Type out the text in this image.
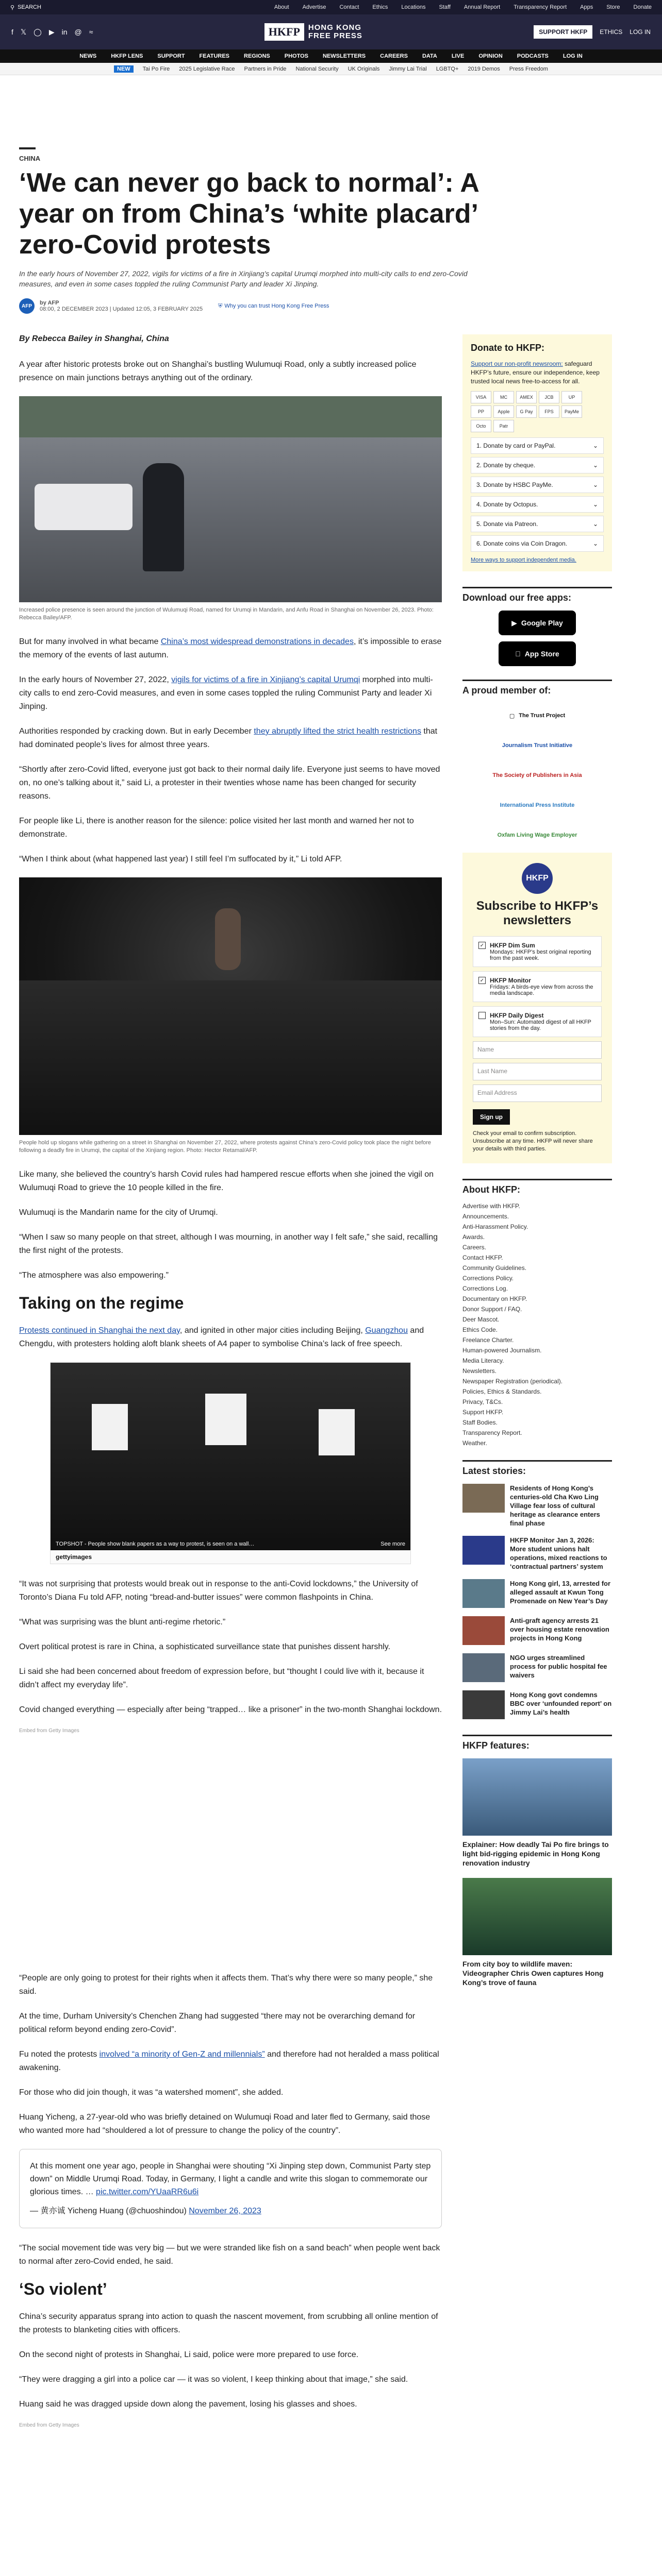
⚲ SEARCH	About Advertise Contact Ethics Locations Staff Annual Report Transparency Report Apps Store Donate
f 𝕏 ◯ ▶ in @ ≈	HKFP	HONG KONG
FREE PRESS	SUPPORT HKFP	ETHICS LOG IN
NEWS	HKFP LENS	SUPPORT	FEATURES	REGIONS	PHOTOS	NEWSLETTERS	CAREERS	DATA	LIVE	OPINION	PODCASTS	LOG IN
NEW	Tai Po Fire 2025 Legislative Race Partners in Pride National Security UK Originals Jimmy Lai Trial LGBTQ+ 2019 Demos Press Freedom
CHINA
‘We can never go back to normal’: A year on from China’s ‘white placard’ zero-Covid protests
In the early hours of November 27, 2022, vigils for victims of a fire in Xinjiang’s capital Urumqi morphed into multi-city calls to end zero-Covid measures, and even in some cases toppled the ruling Communist Party and leader Xi Jinping.
AFP	by AFP
08:00, 2 DECEMBER 2023 | Updated 12:05, 3 FEBRUARY 2025
⛨ Why you can trust Hong Kong Free Press
By Rebecca Bailey in Shanghai, China

A year after historic protests broke out on Shanghai’s bustling Wulumuqi Road, only a subtly increased police presence on main junctions betrays anything out of the ordinary.

Increased police presence is seen around the junction of Wulumuqi Road, named for Urumqi in Mandarin, and Anfu Road in Shanghai on November 26, 2023. Photo: Rebecca Bailey/AFP.

But for many involved in what became China’s most widespread demonstrations in decades, it’s impossible to erase the memory of the events of last autumn.

In the early hours of November 27, 2022, vigils for victims of a fire in Xinjiang’s capital Urumqi morphed into multi-city calls to end zero-Covid measures, and even in some cases toppled the ruling Communist Party and leader Xi Jinping.

Authorities responded by cracking down. But in early December they abruptly lifted the strict health restrictions that had dominated people’s lives for almost three years.

“Shortly after zero-Covid lifted, everyone just got back to their normal daily life. Everyone just seems to have moved on, no one’s talking about it,” said Li, a protester in their twenties whose name has been changed for security reasons.

For people like Li, there is another reason for the silence: police visited her last month and warned her not to demonstrate.

“When I think about (what happened last year) I still feel I’m suffocated by it,” Li told AFP.

People hold up slogans while gathering on a street in Shanghai on November 27, 2022, where protests against China’s zero-Covid policy took place the night before following a deadly fire in Urumqi, the capital of the Xinjiang region. Photo: Hector Retamal/AFP.

Like many, she believed the country’s harsh Covid rules had hampered rescue efforts when she joined the vigil on Wulumuqi Road to grieve the 10 people killed in the fire.

Wulumuqi is the Mandarin name for the city of Urumqi.

“When I saw so many people on that street, although I was mourning, in another way I felt safe,” she said, recalling the first night of the protests.

“The atmosphere was also empowering.”

Taking on the regime

Protests continued in Shanghai the next day, and ignited in other major cities including Beijing, Guangzhou and Chengdu, with protesters holding aloft blank sheets of A4 paper to symbolise China’s lack of free speech.

TOPSHOT - People show blank papers as a way to protest, is seen on a wall…	See more
gettyimages

“It was not surprising that protests would break out in response to the anti-Covid lockdowns,” the University of Toronto’s Diana Fu told AFP, noting “bread-and-butter issues” were common flashpoints in China.

“What was surprising was the blunt anti-regime rhetoric.”

Overt political protest is rare in China, a sophisticated surveillance state that punishes dissent harshly.

Li said she had been concerned about freedom of expression before, but “thought I could live with it, because it didn’t affect my everyday life”.

Covid changed everything — especially after being “trapped… like a prisoner” in the two-month Shanghai lockdown.

Embed from Getty Images

“People are only going to protest for their rights when it affects them. That’s why there were so many people,” she said.

At the time, Durham University’s Chenchen Zhang had suggested “there may not be overarching demand for political reform beyond ending zero-Covid”.

Fu noted the protests involved “a minority of Gen-Z and millennials” and therefore had not heralded a mass political awakening.

For those who did join though, it was “a watershed moment”, she added.

Huang Yicheng, a 27-year-old who was briefly detained on Wulumuqi Road and later fled to Germany, said those who wanted more had “shouldered a lot of pressure to change the policy of the country”.

At this moment one year ago, people in Shanghai were shouting “Xi Jinping step down, Communist Party step down” on Middle Urumqi Road. Today, in Germany, I light a candle and write this slogan to commemorate our glorious times. … pic.twitter.com/YUaaRR6u6i
— 黄亦诚 Yicheng Huang (@chuoshindou) November 26, 2023

“The social movement tide was very big — but we were stranded like fish on a sand beach” when people went back to normal after zero-Covid ended, he said.

‘So violent’

China’s security apparatus sprang into action to quash the nascent movement, from scrubbing all online mention of the protests to blanketing cities with officers.

On the second night of protests in Shanghai, Li said, police were more prepared to use force.

“They were dragging a girl into a police car — it was so violent, I keep thinking about that image,” she said.

Huang said he was dragged upside down along the pavement, losing his glasses and shoes.

Embed from Getty Images
Donate to HKFP:

Support our non-profit newsroom: safeguard HKFP’s future, ensure our independence, keep trusted local news free-to-access for all.

VISA	MC	AMEX	JCB	UP
PP	Apple	G Pay	FPS	PayMe
Octo	Patr
1. Donate by card or PayPal.	⌄
2. Donate by cheque.	⌄
3. Donate by HSBC PayMe.	⌄
4. Donate by Octopus.	⌄
5. Donate via Patreon.	⌄
6. Donate coins via Coin Dragon.	⌄
More ways to support independent media.
Download our free apps:
▶ Google Play
App Store
A proud member of:
▢ The Trust Project
Journalism Trust Initiative
The Society of Publishers in Asia
International Press Institute
Oxfam Living Wage Employer
HKFP
Subscribe to HKFP’s newsletters
✓ HKFP Dim Sum
Mondays: HKFP’s best original reporting from the past week.
✓ HKFP Monitor
Fridays: A birds-eye view from across the media landscape.
HKFP Daily Digest
Mon–Sun: Automated digest of all HKFP stories from the day.
Name
Last Name
Email Address
Sign up

Check your email to confirm subscription. Unsubscribe at any time. HKFP will never share your details with third parties.

About HKFP:
Advertise with HKFP.
Announcements.
Anti-Harassment Policy.
Awards.
Careers.
Contact HKFP.
Community Guidelines.
Corrections Policy.
Corrections Log.
Documentary on HKFP.
Donor Support / FAQ.
Deer Mascot.
Ethics Code.
Freelance Charter.
Human-powered Journalism.
Media Literacy.
Newsletters.
Newspaper Registration (periodical).
Policies, Ethics & Standards.
Privacy, T&Cs.
Support HKFP.
Staff Bodies.
Transparency Report.
Weather.
Latest stories:
Residents of Hong Kong’s centuries-old Cha Kwo Ling Village fear loss of cultural heritage as clearance enters final phase
HKFP Monitor Jan 3, 2026: More student unions halt operations, mixed reactions to ‘contractual partners’ system
Hong Kong girl, 13, arrested for alleged assault at Kwun Tong Promenade on New Year’s Day
Anti-graft agency arrests 21 over housing estate renovation projects in Hong Kong
NGO urges streamlined process for public hospital fee waivers
Hong Kong govt condemns BBC over ‘unfounded report’ on Jimmy Lai’s health
HKFP features:
Explainer: How deadly Tai Po fire brings to light bid-rigging epidemic in Hong Kong renovation industry
From city boy to wildlife maven: Videographer Chris Owen captures Hong Kong’s trove of fauna
